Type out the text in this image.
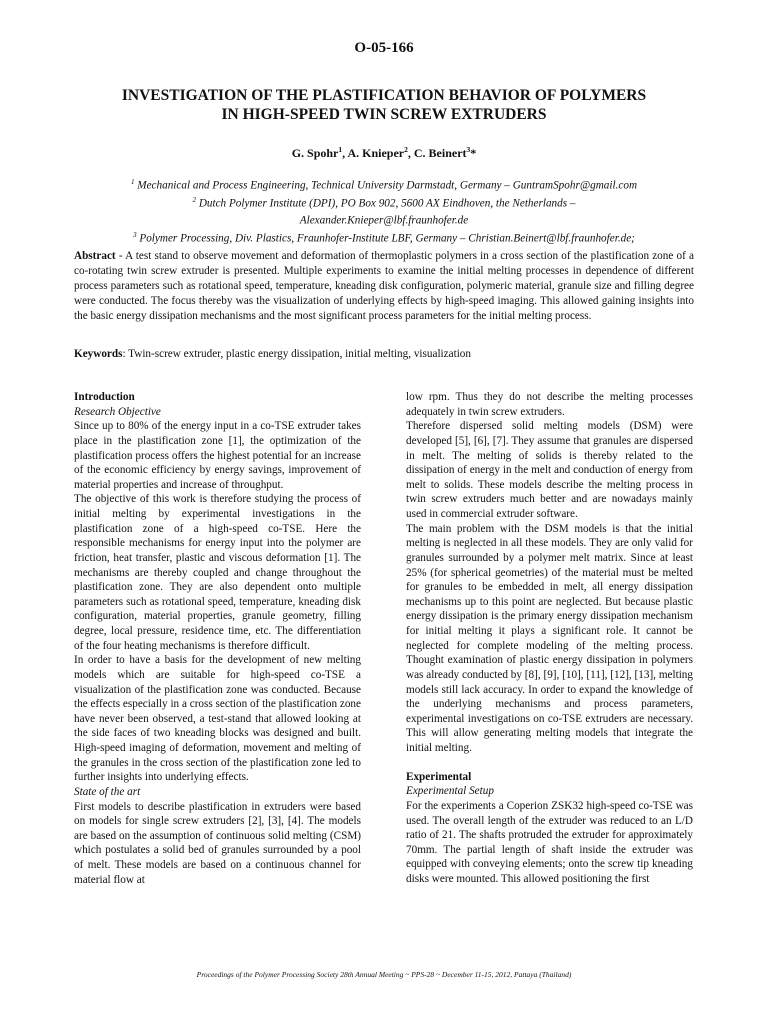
O-05-166
INVESTIGATION OF THE PLASTIFICATION BEHAVIOR OF POLYMERS
IN HIGH-SPEED TWIN SCREW EXTRUDERS
G. Spohr$^1$, A. Knieper$^2$, C. Beinert$^3$*
$^1$ Mechanical and Process Engineering, Technical University Darmstadt, Germany – GuntramSpohr@gmail.com
$^2$ Dutch Polymer Institute (DPI), PO Box 902, 5600 AX Eindhoven, the Netherlands –
Alexander.Knieper@lbf.fraunhofer.de
$^3$ Polymer Processing, Div. Plastics, Fraunhofer-Institute LBF, Germany – Christian.Beinert@lbf.fraunhofer.de;

Abstract - A test stand to observe movement and deformation of thermoplastic polymers in a cross section of the plastification zone of a co-rotating twin screw extruder is presented. Multiple experiments to examine the initial melting processes in dependence of different process parameters such as rotational speed, temperature, kneading disk configuration, polymeric material, granule size and filling degree were conducted. The focus thereby was the visualization of underlying effects by high-speed imaging. This allowed gaining insights into the basic energy dissipation mechanisms and the most significant process parameters for the initial melting process.

Keywords: Twin-screw extruder, plastic energy dissipation, initial melting, visualization

Introduction

Research Objective

Since up to 80% of the energy input in a co-TSE extruder takes place in the plastification zone [1], the optimization of the plastification process offers the highest potential for an increase of the economic efficiency by energy savings, improvement of material properties and increase of throughput.

The objective of this work is therefore studying the process of initial melting by experimental investigations in the plastification zone of a high-speed co-TSE. Here the responsible mechanisms for energy input into the polymer are friction, heat transfer, plastic and viscous deformation [1]. The mechanisms are thereby coupled and change throughout the plastification zone. They are also dependent onto multiple parameters such as rotational speed, temperature, kneading disk configuration, material properties, granule geometry, filling degree, local pressure, residence time, etc. The differentiation of the four heating mechanisms is therefore difficult.

In order to have a basis for the development of new melting models which are suitable for high-speed co-TSE a visualization of the plastification zone was conducted. Because the effects especially in a cross section of the plastification zone have never been observed, a test-stand that allowed looking at the side faces of two kneading blocks was designed and built. High-speed imaging of deformation, movement and melting of the granules in the cross section of the plastification zone led to further insights into underlying effects.

State of the art

First models to describe plastification in extruders were based on models for single screw extruders [2], [3], [4]. The models are based on the assumption of continuous solid melting (CSM) which postulates a solid bed of granules surrounded by a pool of melt. These models are based on a continuous channel for material flow at

low rpm. Thus they do not describe the melting processes adequately in twin screw extruders.

Therefore dispersed solid melting models (DSM) were developed [5], [6], [7]. They assume that granules are dispersed in melt. The melting of solids is thereby related to the dissipation of energy in the melt and conduction of energy from melt to solids. These models describe the melting process in twin screw extruders much better and are nowadays mainly used in commercial extruder software.

The main problem with the DSM models is that the initial melting is neglected in all these models. They are only valid for granules surrounded by a polymer melt matrix. Since at least 25% (for spherical geometries) of the material must be melted for granules to be embedded in melt, all energy dissipation mechanisms up to this point are neglected. But because plastic energy dissipation is the primary energy dissipation mechanism for initial melting it plays a significant role. It cannot be neglected for complete modeling of the melting process. Thought examination of plastic energy dissipation in polymers was already conducted by [8], [9], [10], [11], [12], [13], melting models still lack accuracy. In order to expand the knowledge of the underlying mechanisms and process parameters, experimental investigations on co-TSE extruders are necessary. This will allow generating melting models that integrate the initial melting.

Experimental

Experimental Setup

For the experiments a Coperion ZSK32 high-speed co-TSE was used. The overall length of the extruder was reduced to an L/D ratio of 21. The shafts protruded the extruder for approximately 70mm. The partial length of shaft inside the extruder was equipped with conveying elements; onto the screw tip kneading disks were mounted. This allowed positioning the first

Proceedings of the Polymer Processing Society 28th Annual Meeting ~ PPS-28 ~ December 11-15, 2012, Pattaya (Thailand)
